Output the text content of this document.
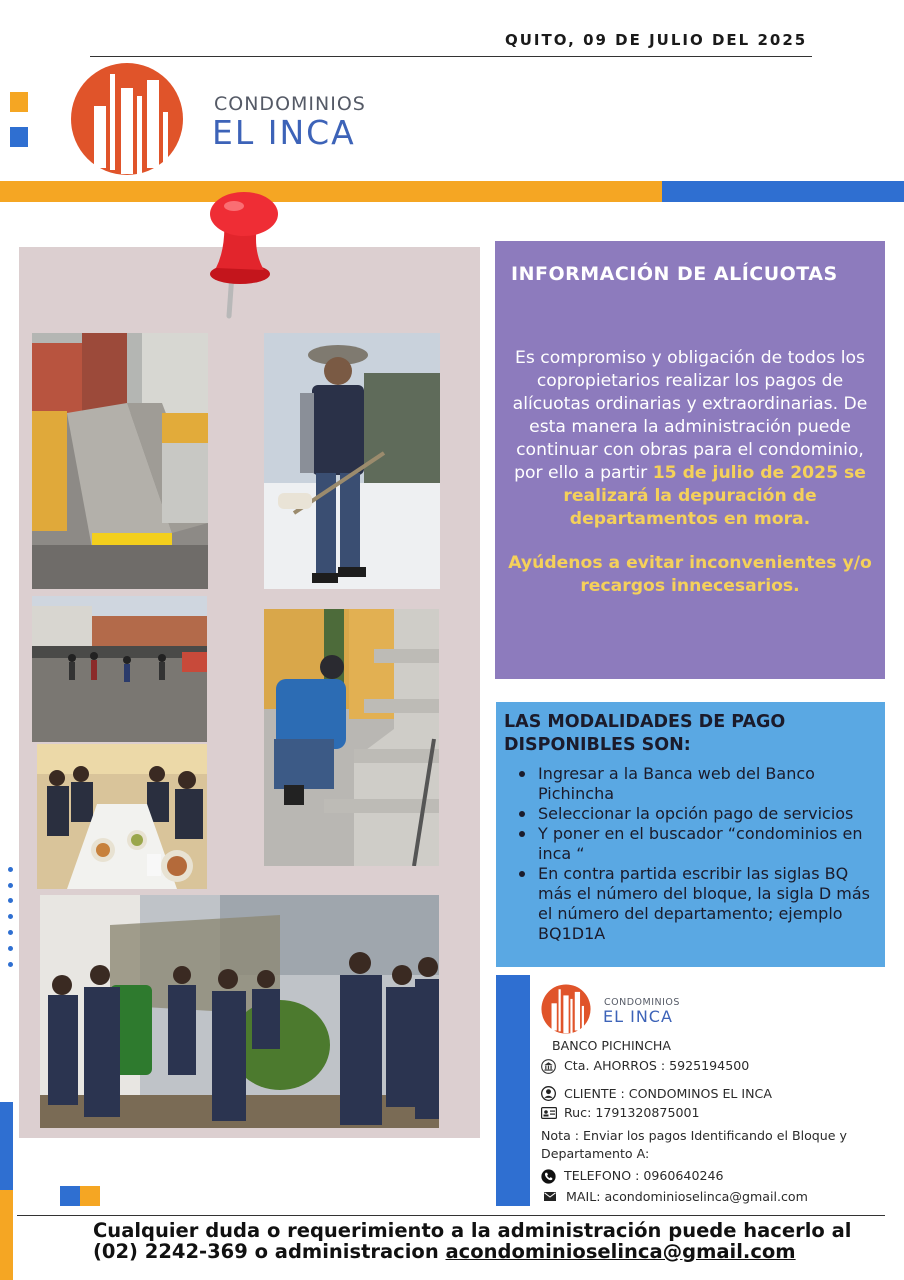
QUITO, 09 DE JULIO DEL 2025
CONDOMINIOS
EL INCA
INFORMACIÓN DE ALÍCUOTAS
Es compromiso y obligación de todos los copropietarios realizar los pagos de alícuotas ordinarias y extraordinarias. De esta manera la administración puede continuar con obras para el condominio, por ello a partir 15 de julio de 2025 se realizará la depuración de departamentos en mora.
Ayúdenos a evitar inconvenientes y/o recargos innecesarios.
LAS MODALIDADES DE PAGO DISPONIBLES SON:
Ingresar a la Banca web del Banco Pichincha
Seleccionar la opción pago de servicios
Y poner en el buscador “condominios en inca “
En contra partida escribir las siglas BQ más el número del bloque, la sigla D más el número del departamento; ejemplo BQ1D1A
CONDOMINIOS
EL INCA
BANCO PICHINCHA
Cta. AHORROS : 5925194500
CLIENTE : CONDOMINOS EL INCA
Ruc: 1791320875001
Nota : Enviar los pagos Identificando el Bloque y Departamento A:
TELEFONO : 0960640246
MAIL: acondominioselinca@gmail.com
Cualquier duda o requerimiento a la administración puede hacerlo al
(02) 2242-369 o administracion acondominioselinca@gmail.com
